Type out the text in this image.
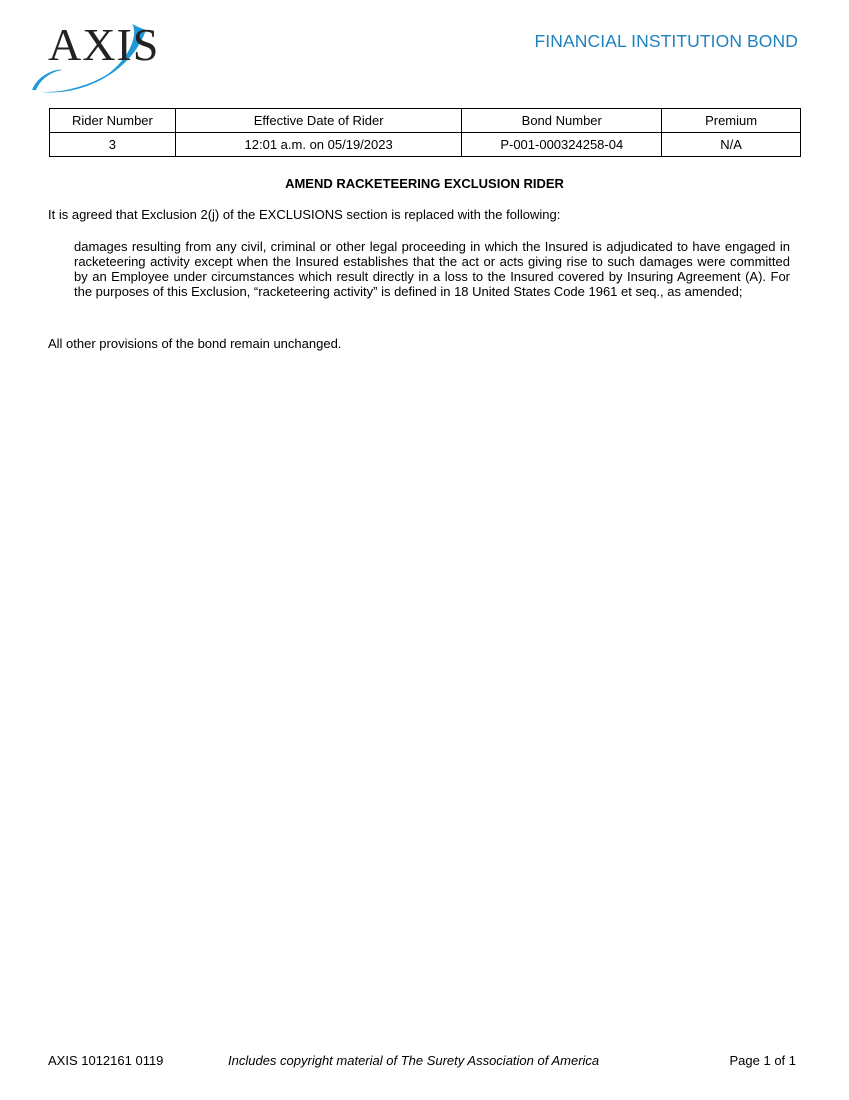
AXIS	FINANCIAL INSTITUTION BOND
Rider Number	Effective Date of Rider	Bond Number	Premium
3	12:01 a.m. on 05/19/2023	P-001-000324258-04	N/A
AMEND RACKETEERING EXCLUSION RIDER
It is agreed that Exclusion 2(j) of the EXCLUSIONS section is replaced with the following:
damages resulting from any civil, criminal or other legal proceeding in which the Insured is adjudicated to have engaged in racketeering activity except when the Insured establishes that the act or acts giving rise to such damages were committed by an Employee under circumstances which result directly in a loss to the Insured covered by Insuring Agreement (A). For the purposes of this Exclusion, “racketeering activity” is defined in 18 United States Code 1961 et seq., as amended;
All other provisions of the bond remain unchanged.
AXIS 1012161 0119	Includes copyright material of The Surety Association of America	Page 1 of 1
